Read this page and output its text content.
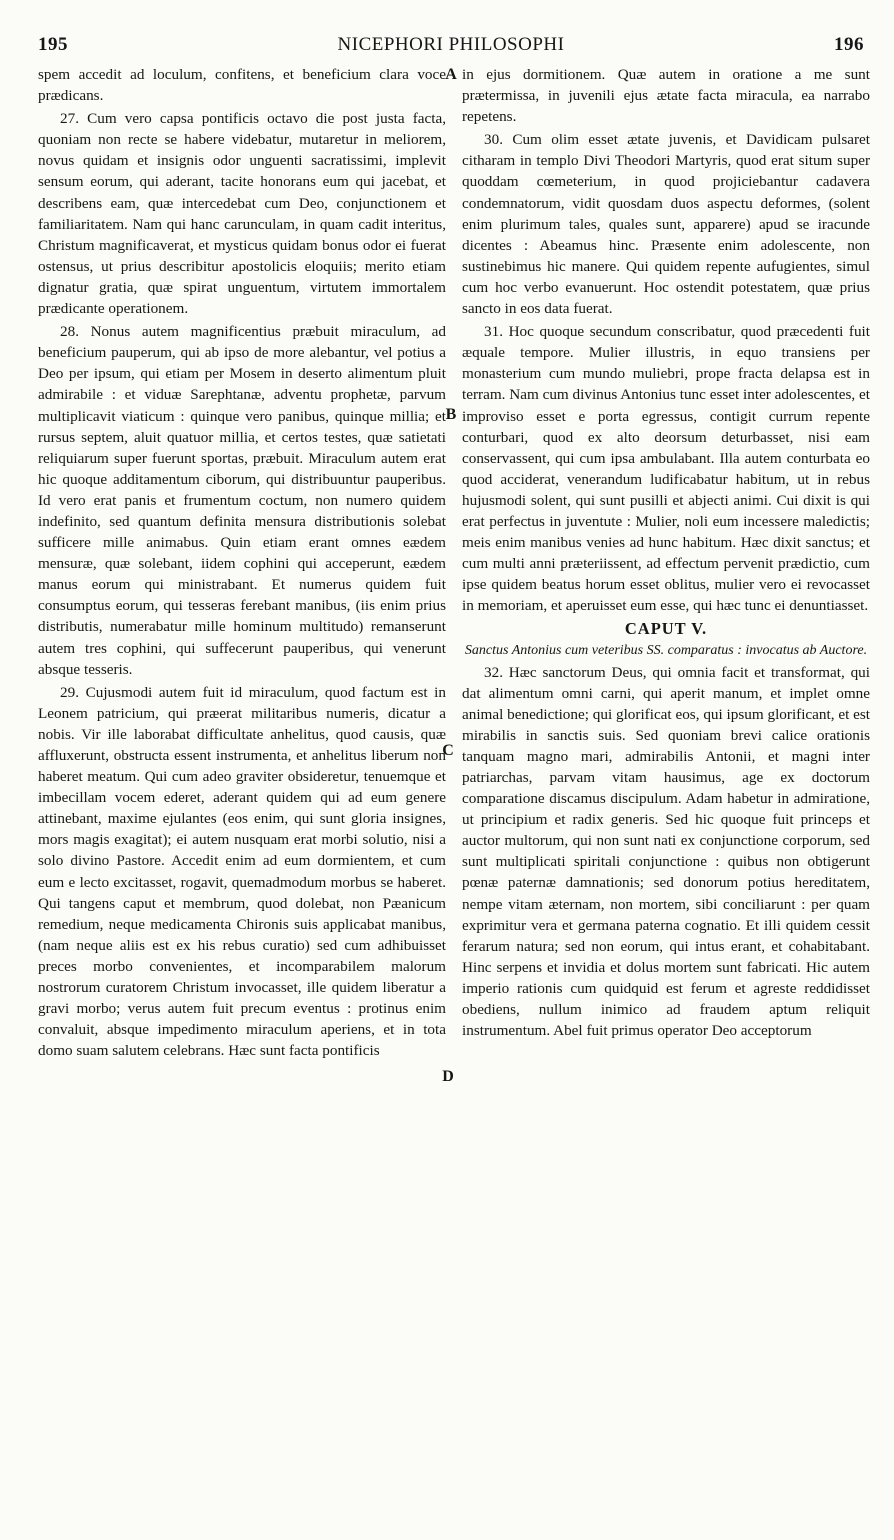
195	NICEPHORI PHILOSOPHI	196
A
B
C
D

spem accedit ad loculum, confitens, et beneficium clara voce prædicans.

27. Cum vero capsa pontificis octavo die post justa facta, quoniam non recte se habere videbatur, mutaretur in meliorem, novus quidam et insignis odor unguenti sacratissimi, implevit sensum eorum, qui aderant, tacite honorans eum qui jacebat, et describens eam, quæ intercedebat cum Deo, conjunctionem et familiaritatem. Nam qui hanc carunculam, in quam cadit interitus, Christum magnificaverat, et mysticus quidam bonus odor ei fuerat ostensus, ut prius describitur apostolicis eloquiis; merito etiam dignatur gratia, quæ spirat unguentum, virtutem immortalem prædicante operationem.

28. Nonus autem magnificentius præbuit miraculum, ad beneficium pauperum, qui ab ipso de more alebantur, vel potius a Deo per ipsum, qui etiam per Mosem in deserto alimentum pluit admirabile : et viduæ Sarephtanæ, adventu prophetæ, parvum multiplicavit viaticum : quinque vero panibus, quinque millia; et rursus septem, aluit quatuor millia, et certos testes, quæ satietati reliquiarum super fuerunt sportas, præbuit. Miraculum autem erat hic quoque additamentum ciborum, qui distribuuntur pauperibus. Id vero erat panis et frumentum coctum, non numero quidem indefinito, sed quantum definita mensura distributionis solebat sufficere mille animabus. Quin etiam erant omnes eædem mensuræ, quæ solebant, iidem cophini qui acceperunt, eædem manus eorum qui ministrabant. Et numerus quidem fuit consumptus eorum, qui tesseras ferebant manibus, (iis enim prius distributis, numerabatur mille hominum multitudo) remanserunt autem tres cophini, qui suffecerunt pauperibus, qui venerunt absque tesseris.

29. Cujusmodi autem fuit id miraculum, quod factum est in Leonem patricium, qui præerat militaribus numeris, dicatur a nobis. Vir ille laborabat difficultate anhelitus, quod causis, quæ affluxerunt, obstructa essent instrumenta, et anhelitus liberum non haberet meatum. Qui cum adeo graviter obsideretur, tenuemque et imbecillam vocem ederet, aderant quidem qui ad eum genere attinebant, maxime ejulantes (eos enim, qui sunt gloria insignes, mors magis exagitat); ei autem nusquam erat morbi solutio, nisi a solo divino Pastore. Accedit enim ad eum dormientem, et cum eum e lecto excitasset, rogavit, quemadmodum morbus se haberet. Qui tangens caput et membrum, quod dolebat, non Pæanicum remedium, neque medicamenta Chironis suis applicabat manibus, (nam neque aliis est ex his rebus curatio) sed cum adhibuisset preces morbo convenientes, et incomparabilem malorum nostrorum curatorem Christum invocasset, ille quidem liberatur a gravi morbo; verus autem fuit precum eventus : protinus enim convaluit, absque impedimento miraculum aperiens, et in tota domo suam salutem celebrans. Hæc sunt facta pontificis

in ejus dormitionem. Quæ autem in oratione a me sunt prætermissa, in juvenili ejus ætate facta miracula, ea narrabo repetens.

30. Cum olim esset ætate juvenis, et Davidicam pulsaret citharam in templo Divi Theodori Martyris, quod erat situm super quoddam cœmeterium, in quod projiciebantur cadavera condemnatorum, vidit quosdam duos aspectu deformes, (solent enim plurimum tales, quales sunt, apparere) apud se iracunde dicentes : Abeamus hinc. Præsente enim adolescente, non sustinebimus hic manere. Qui quidem repente aufugientes, simul cum hoc verbo evanuerunt. Hoc ostendit potestatem, quæ prius sancto in eos data fuerat.

31. Hoc quoque secundum conscribatur, quod præcedenti fuit æquale tempore. Mulier illustris, in equo transiens per monasterium cum mundo muliebri, prope fracta delapsa est in terram. Nam cum divinus Antonius tunc esset inter adolescentes, et improviso esset e porta egressus, contigit currum repente conturbari, quod ex alto deorsum deturbasset, nisi eam conservassent, qui cum ipsa ambulabant. Illa autem conturbata eo quod acciderat, venerandum ludificabatur habitum, ut in rebus hujusmodi solent, qui sunt pusilli et abjecti animi. Cui dixit is qui erat perfectus in juventute : Mulier, noli eum incessere maledictis; meis enim manibus venies ad hunc habitum. Hæc dixit sanctus; et cum multi anni præteriissent, ad effectum pervenit prædictio, cum ipse quidem beatus horum esset oblitus, mulier vero ei revocasset in memoriam, et aperuisset eum esse, qui hæc tunc ei denuntiasset.

CAPUT V.

Sanctus Antonius cum veteribus SS. comparatus : invocatus ab Auctore.

32. Hæc sanctorum Deus, qui omnia facit et transformat, qui dat alimentum omni carni, qui aperit manum, et implet omne animal benedictione; qui glorificat eos, qui ipsum glorificant, et est mirabilis in sanctis suis. Sed quoniam brevi calice orationis tanquam magno mari, admirabilis Antonii, et magni inter patriarchas, parvam vitam hausimus, age ex doctorum comparatione discamus discipulum. Adam habetur in admiratione, ut principium et radix generis. Sed hic quoque fuit princeps et auctor multorum, qui non sunt nati ex conjunctione corporum, sed sunt multiplicati spiritali conjunctione : quibus non obtigerunt pœnæ paternæ damnationis; sed donorum potius hereditatem, nempe vitam æternam, non mortem, sibi conciliarunt : per quam exprimitur vera et germana paterna cognatio. Et illi quidem cessit ferarum natura; sed non eorum, qui intus erant, et cohabitabant. Hinc serpens et invidia et dolus mortem sunt fabricati. Hic autem imperio rationis cum quidquid est ferum et agreste reddidisset obediens, nullum inimico ad fraudem aptum reliquit instrumentum. Abel fuit primus operator Deo acceptorum
